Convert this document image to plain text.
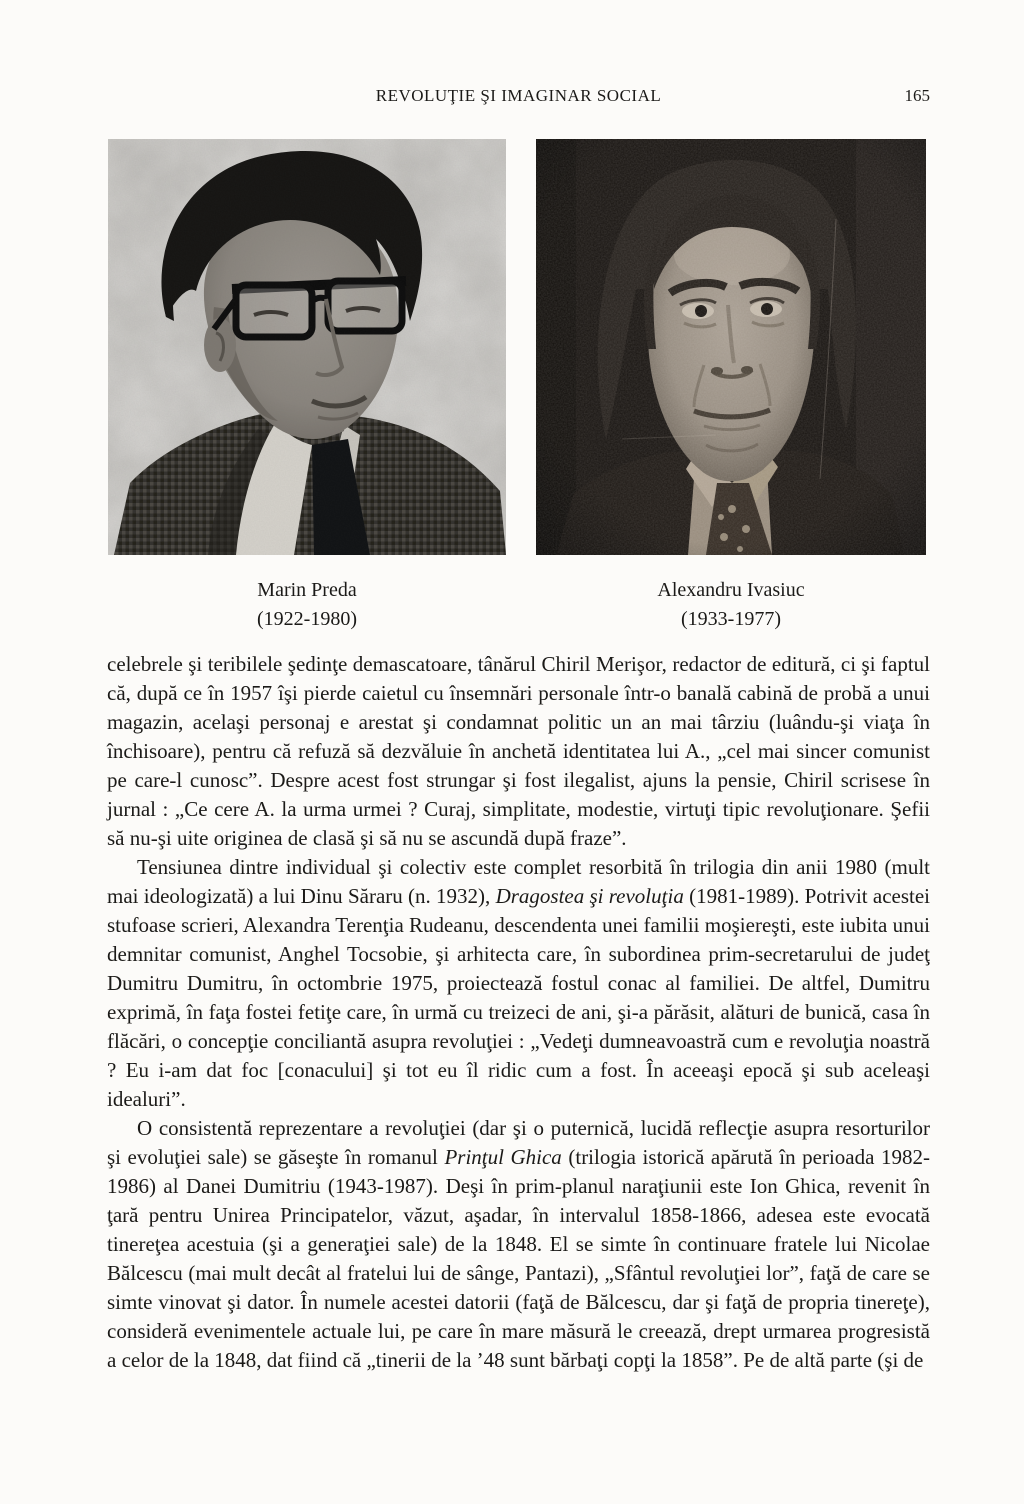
REVOLUŢIE ŞI IMAGINAR SOCIAL	165
Marin Preda
(1922-1980)
Alexandru Ivasiuc
(1933-1977)

celebrele şi teribilele şedinţe demascatoare, tânărul Chiril Merişor, redactor de editură, ci şi faptul că, după ce în 1957 îşi pierde caietul cu însemnări personale într-o banală cabină de probă a unui magazin, acelaşi personaj e arestat şi condamnat politic un an mai târziu (luându-şi viaţa în închisoare), pentru că refuză să dezvăluie în anchetă identitatea lui A., „cel mai sincer comunist pe care-l cunosc”. Despre acest fost strungar şi fost ilegalist, ajuns la pensie, Chiril scrisese în jurnal : „Ce cere A. la urma urmei ? Curaj, simplitate, modestie, virtuţi tipic revoluţionare. Şefii să nu-şi uite originea de clasă şi să nu se ascundă după fraze”.

Tensiunea dintre individual şi colectiv este complet resorbită în trilogia din anii 1980 (mult mai ideologizată) a lui Dinu Săraru (n. 1932), Dragostea şi revoluţia (1981-1989). Potrivit acestei stufoase scrieri, Alexandra Terenţia Rudeanu, descendenta unei familii moşiereşti, este iubita unui demnitar comunist, Anghel Tocsobie, şi arhitecta care, în subordinea prim-secretarului de judeţ Dumitru Dumitru, în octombrie 1975, proiectează fostul conac al familiei. De altfel, Dumitru exprimă, în faţa fostei fetiţe care, în urmă cu treizeci de ani, şi-a părăsit, alături de bunică, casa în flăcări, o concepţie conciliantă asupra revoluţiei : „Vedeţi dumneavoastră cum e revoluţia noastră ? Eu i-am dat foc [conacului] şi tot eu îl ridic cum a fost. În aceeaşi epocă şi sub aceleaşi idealuri”.

O consistentă reprezentare a revoluţiei (dar şi o puternică, lucidă reflecţie asupra resorturilor şi evoluţiei sale) se găseşte în romanul Prinţul Ghica (trilogia istorică apărută în perioada 1982-1986) al Danei Dumitriu (1943-1987). Deşi în prim-planul naraţiunii este Ion Ghica, revenit în ţară pentru Unirea Principatelor, văzut, aşadar, în intervalul 1858-1866, adesea este evocată tinereţea acestuia (şi a generaţiei sale) de la 1848. El se simte în continuare fratele lui Nicolae Bălcescu (mai mult decât al fratelui lui de sânge, Pantazi), „Sfântul revoluţiei lor”, faţă de care se simte vinovat şi dator. În numele acestei datorii (faţă de Bălcescu, dar şi faţă de propria tinereţe), consideră evenimentele actuale lui, pe care în mare măsură le creează, drept urmarea progresistă a celor de la 1848, dat fiind că „tinerii de la ’48 sunt bărbaţi copţi la 1858”. Pe de altă parte (şi de
